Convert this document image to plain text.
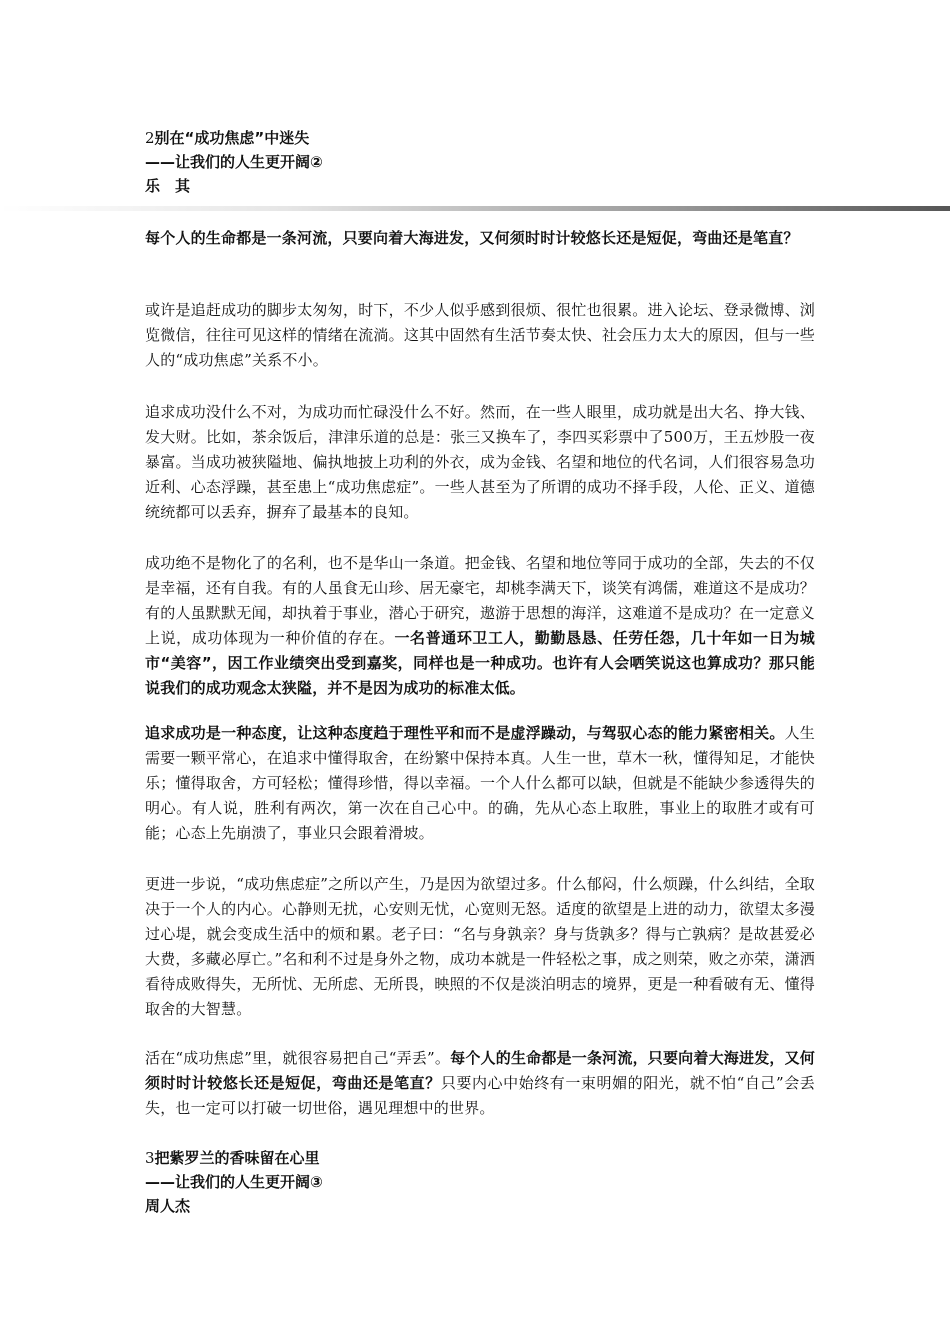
2别在“成功焦虑”中迷失

——让我们的人生更开阔②

乐　其

每个人的生命都是一条河流，只要向着大海进发，又何须时时计较悠长还是短促，弯曲还是笔直？

或许是追赶成功的脚步太匆匆，时下，不少人似乎感到很烦、很忙也很累。进入论坛、登录微博、浏览微信，往往可见这样的情绪在流淌。这其中固然有生活节奏太快、社会压力太大的原因，但与一些人的“成功焦虑”关系不小。

追求成功没什么不对，为成功而忙碌没什么不好。然而，在一些人眼里，成功就是出大名、挣大钱、发大财。比如，茶余饭后，津津乐道的总是：张三又换车了，李四买彩票中了500万，王五炒股一夜暴富。当成功被狭隘地、偏执地披上功利的外衣，成为金钱、名望和地位的代名词，人们很容易急功近利、心态浮躁，甚至患上“成功焦虑症”。一些人甚至为了所谓的成功不择手段，人伦、正义、道德统统都可以丢弃，摒弃了最基本的良知。

成功绝不是物化了的名利，也不是华山一条道。把金钱、名望和地位等同于成功的全部，失去的不仅是幸福，还有自我。有的人虽食无山珍、居无豪宅，却桃李满天下，谈笑有鸿儒，难道这不是成功？有的人虽默默无闻，却执着于事业，潜心于研究，遨游于思想的海洋，这难道不是成功？在一定意义上说，成功体现为一种价值的存在。一名普通环卫工人，勤勤恳恳、任劳任怨，几十年如一日为城市“美容”，因工作业绩突出受到嘉奖，同样也是一种成功。也许有人会哂笑说这也算成功？那只能说我们的成功观念太狭隘，并不是因为成功的标准太低。

追求成功是一种态度，让这种态度趋于理性平和而不是虚浮躁动，与驾驭心态的能力紧密相关。人生需要一颗平常心，在追求中懂得取舍，在纷繁中保持本真。人生一世，草木一秋，懂得知足，才能快乐；懂得取舍，方可轻松；懂得珍惜，得以幸福。一个人什么都可以缺，但就是不能缺少参透得失的明心。有人说，胜利有两次，第一次在自己心中。的确，先从心态上取胜，事业上的取胜才或有可能；心态上先崩溃了，事业只会跟着滑坡。

更进一步说，“成功焦虑症”之所以产生，乃是因为欲望过多。什么郁闷，什么烦躁，什么纠结，全取决于一个人的内心。心静则无扰，心安则无忧，心宽则无怒。适度的欲望是上进的动力，欲望太多漫过心堤，就会变成生活中的烦和累。老子曰：“名与身孰亲？身与货孰多？得与亡孰病？是故甚爱必大费，多藏必厚亡。”名和利不过是身外之物，成功本就是一件轻松之事，成之则荣，败之亦荣，潇洒看待成败得失，无所忧、无所虑、无所畏，映照的不仅是淡泊明志的境界，更是一种看破有无、懂得取舍的大智慧。

活在“成功焦虑”里，就很容易把自己“弄丢”。每个人的生命都是一条河流，只要向着大海进发，又何须时时计较悠长还是短促，弯曲还是笔直？只要内心中始终有一束明媚的阳光，就不怕“自己”会丢失，也一定可以打破一切世俗，遇见理想中的世界。

3把紫罗兰的香味留在心里

——让我们的人生更开阔③

周人杰
